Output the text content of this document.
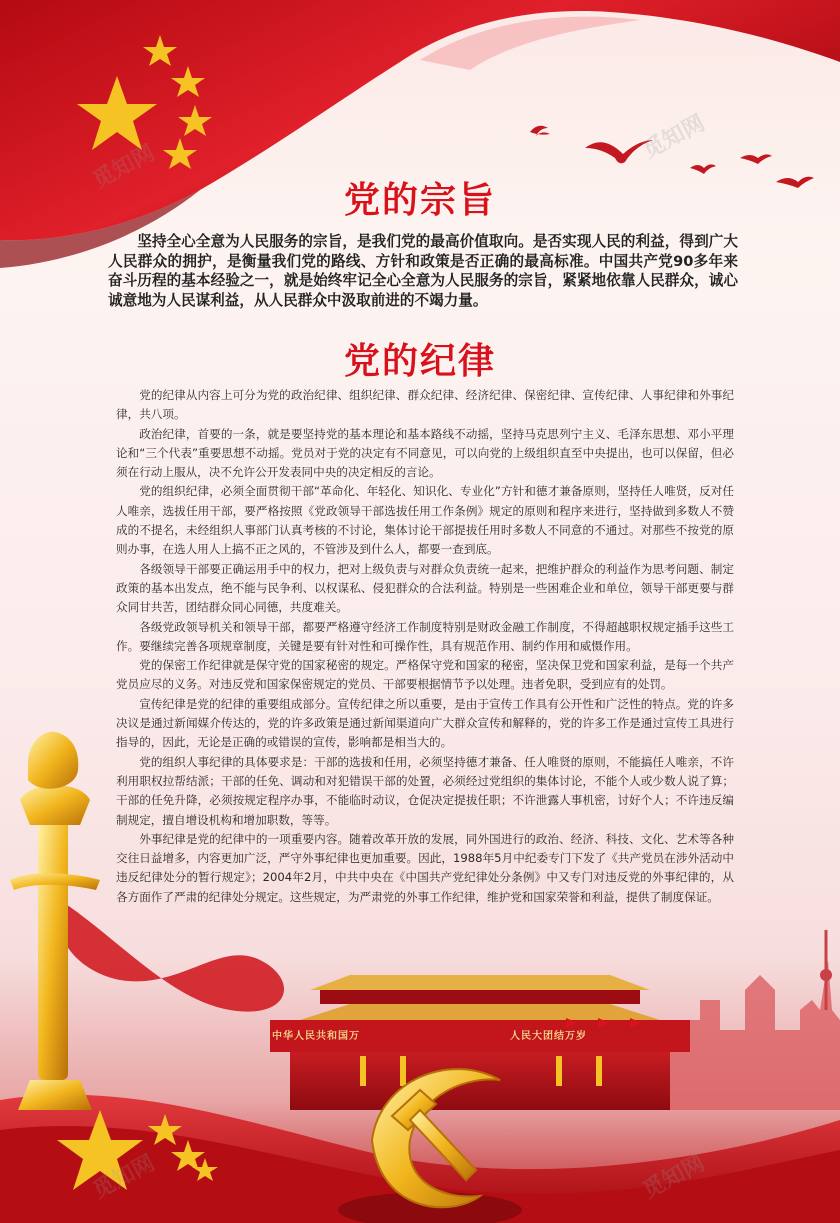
党的宗旨

坚持全心全意为人民服务的宗旨，是我们党的最高价值取向。是否实现人民的利益，得到广大人民群众的拥护，是衡量我们党的路线、方针和政策是否正确的最高标准。中国共产党90多年来奋斗历程的基本经验之一，就是始终牢记全心全意为人民服务的宗旨，紧紧地依靠人民群众，诚心诚意地为人民谋利益，从人民群众中汲取前进的不竭力量。

党的纪律

党的纪律从内容上可分为党的政治纪律、组织纪律、群众纪律、经济纪律、保密纪律、宣传纪律、人事纪律和外事纪律，共八项。

政治纪律，首要的一条，就是要坚持党的基本理论和基本路线不动摇，坚持马克思列宁主义、毛泽东思想、邓小平理论和“三个代表”重要思想不动摇。党员对于党的决定有不同意见，可以向党的上级组织直至中央提出，也可以保留，但必须在行动上服从，决不允许公开发表同中央的决定相反的言论。

党的组织纪律，必须全面贯彻干部“革命化、年轻化、知识化、专业化”方针和德才兼备原则，坚持任人唯贤，反对任人唯亲，选拔任用干部，要严格按照《党政领导干部选拔任用工作条例》规定的原则和程序来进行，坚持做到多数人不赞成的不提名，未经组织人事部门认真考核的不讨论，集体讨论干部提拔任用时多数人不同意的不通过。对那些不按党的原则办事，在选人用人上搞不正之风的，不管涉及到什么人，都要一查到底。

各级领导干部要正确运用手中的权力，把对上级负责与对群众负责统一起来，把维护群众的利益作为思考问题、制定政策的基本出发点，绝不能与民争利、以权谋私、侵犯群众的合法利益。特别是一些困难企业和单位，领导干部更要与群众同甘共苦，团结群众同心同德，共度难关。

各级党政领导机关和领导干部，都要严格遵守经济工作制度特别是财政金融工作制度，不得超越职权规定插手这些工作。要继续完善各项规章制度，关键是要有针对性和可操作性，具有规范作用、制约作用和威慑作用。

党的保密工作纪律就是保守党的国家秘密的规定。严格保守党和国家的秘密，坚决保卫党和国家利益，是每一个共产党员应尽的义务。对违反党和国家保密规定的党员、干部要根据情节予以处理。违者免职，受到应有的处罚。

宣传纪律是党的纪律的重要组成部分。宣传纪律之所以重要，是由于宣传工作具有公开性和广泛性的特点。党的许多决议是通过新闻媒介传达的，党的许多政策是通过新闻渠道向广大群众宣传和解释的，党的许多工作是通过宣传工具进行指导的，因此，无论是正确的或错误的宣传，影响都是相当大的。

党的组织人事纪律的具体要求是：干部的选拔和任用，必须坚持德才兼备、任人唯贤的原则，不能搞任人唯亲，不许利用职权拉帮结派；干部的任免、调动和对犯错误干部的处置，必须经过党组织的集体讨论，不能个人或少数人说了算；干部的任免升降，必须按规定程序办事，不能临时动议，仓促决定提拔任职；不许泄露人事机密，讨好个人；不许违反编制规定，擅自增设机构和增加职数，等等。

外事纪律是党的纪律中的一项重要内容。随着改革开放的发展，同外国进行的政治、经济、科技、文化、艺术等各种交往日益增多，内容更加广泛，严守外事纪律也更加重要。因此，1988年5月中纪委专门下发了《共产党员在涉外活动中违反纪律处分的暂行规定》；2004年2月，中共中央在《中国共产党纪律处分条例》中又专门对违反党的外事纪律的，从各方面作了严肃的纪律处分规定。这些规定，为严肃党的外事工作纪律，维护党和国家荣誉和利益，提供了制度保证。

中华人民共和国万	人民大团结万岁
觅知网
觅知网
觅知网	觅知网
